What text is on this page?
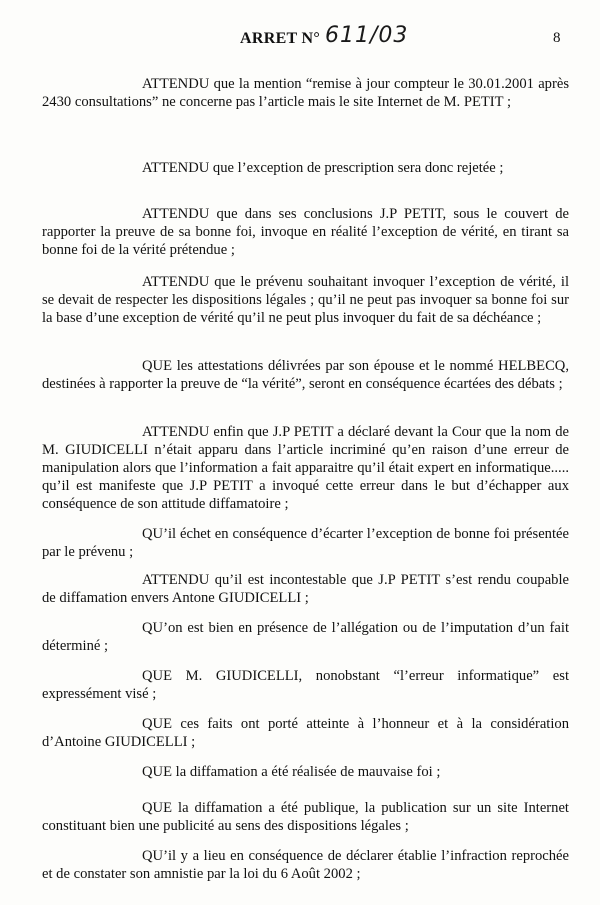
ARRET N° 611/03	8

ATTENDU que la mention “remise à jour compteur le 30.01.2001 après 2430 consultations” ne concerne pas l’article mais le site Internet de M. PETIT ;

ATTENDU que l’exception de prescription sera donc rejetée ;

ATTENDU que dans ses conclusions J.P PETIT, sous le couvert de rapporter la preuve de sa bonne foi, invoque en réalité l’exception de vérité, en tirant sa bonne foi de la vérité prétendue ;

ATTENDU que le prévenu souhaitant invoquer l’exception de vérité, il se devait de respecter les dispositions légales ; qu’il ne peut pas invoquer sa bonne foi sur la base d’une exception de vérité qu’il ne peut plus invoquer du fait de sa déchéance ;

QUE les attestations délivrées par son épouse et le nommé HELBECQ, destinées à rapporter la preuve de “la vérité”, seront en conséquence écartées des débats ;

ATTENDU enfin que J.P PETIT a déclaré devant la Cour que la nom de M. GIUDICELLI n’était apparu dans l’article incriminé qu’en raison d’une erreur de manipulation alors que l’information a fait apparaitre qu’il était expert en informatique..... qu’il est manifeste que J.P PETIT a invoqué cette erreur dans le but d’échapper aux conséquence de son attitude diffamatoire ;

QU’il échet en conséquence d’écarter l’exception de bonne foi présentée par le prévenu ;

ATTENDU qu’il est incontestable que J.P PETIT s’est rendu coupable de diffamation envers Antone GIUDICELLI ;

QU’on est bien en présence de l’allégation ou de l’imputation d’un fait déterminé ;

QUE M. GIUDICELLI, nonobstant “l’erreur informatique” est expressément visé ;

QUE ces faits ont porté atteinte à l’honneur et à la considération d’Antoine GIUDICELLI ;

QUE la diffamation a été réalisée de mauvaise foi ;

QUE la diffamation a été publique, la publication sur un site Internet constituant bien une publicité au sens des dispositions légales ;

QU’il y a lieu en conséquence de déclarer établie l’infraction reprochée et de constater son amnistie par la loi du 6 Août 2002 ;
